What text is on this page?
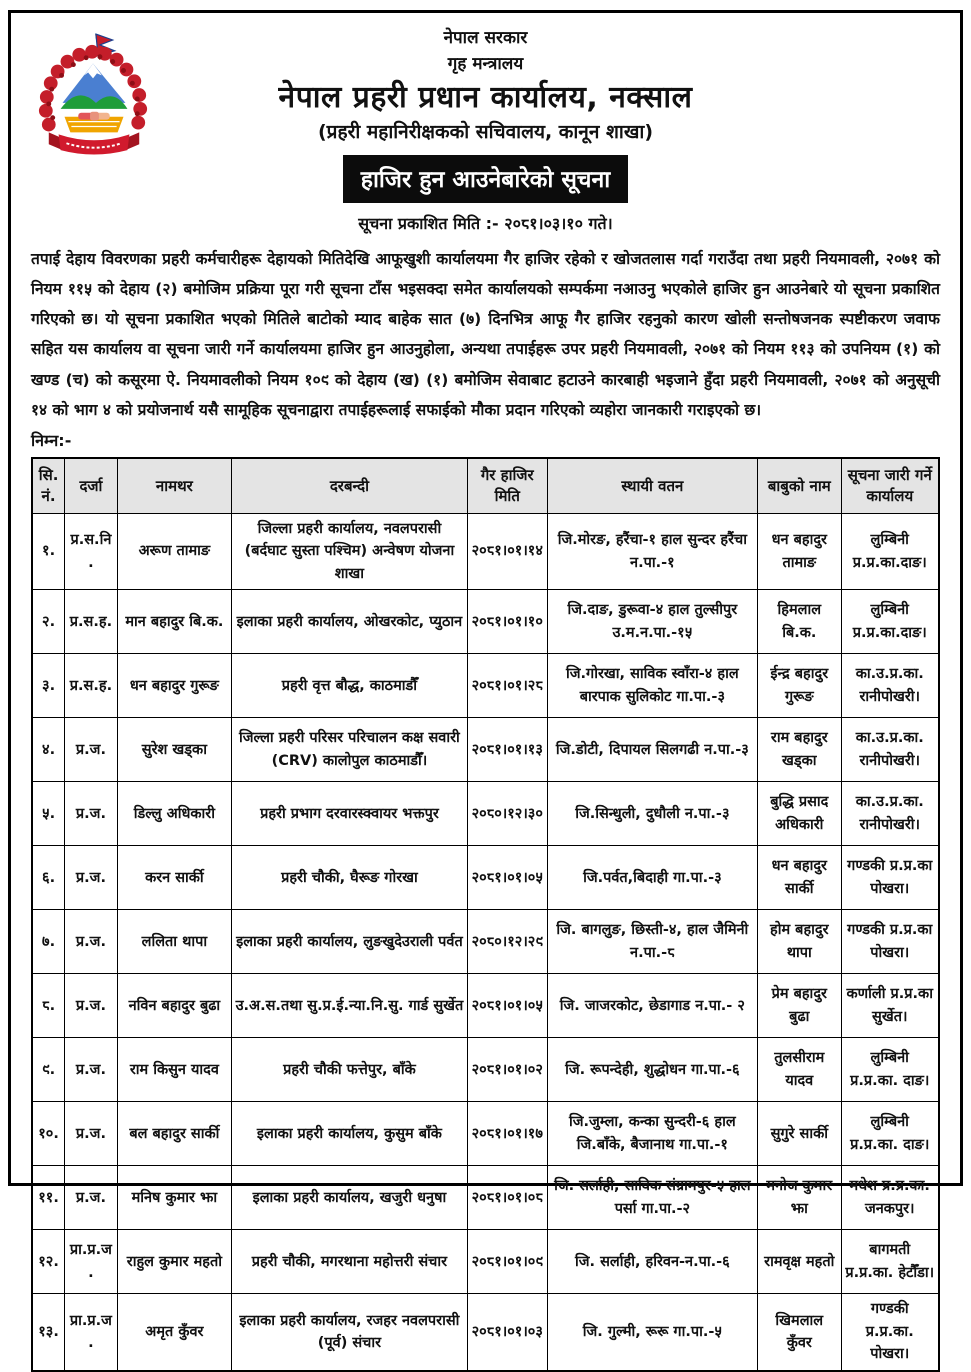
नेपाल सरकार
गृह मन्त्रालय
नेपाल प्रहरी प्रधान कार्यालय, नक्साल
(प्रहरी महानिरीक्षकको सचिवालय, कानून शाखा)
हाजिर हुन आउनेबारेको सूचना
सूचना प्रकाशित मिति :- २०८१।०३।१० गते।

तपाई देहाय विवरणका प्रहरी कर्मचारीहरू देहायको मितिदेखि आफूखुशी कार्यालयमा गैर हाजिर रहेको र खोजतलास गर्दा गराउँदा तथा प्रहरी नियमावली, २०७१ को नियम ११५ को देहाय (२) बमोजिम प्रक्रिया पूरा गरी सूचना टाँस भइसक्दा समेत कार्यालयको सम्पर्कमा नआउनु भएकोले हाजिर हुन आउनेबारे यो सूचना प्रकाशित गरिएको छ। यो सूचना प्रकाशित भएको मितिले बाटोको म्याद बाहेक सात (७) दिनभित्र आफू गैर हाजिर रहनुको कारण खोली सन्तोषजनक स्पष्टीकरण जवाफ सहित यस कार्यालय वा सूचना जारी गर्ने कार्यालयमा हाजिर हुन आउनुहोला, अन्यथा तपाईहरू उपर प्रहरी नियमावली, २०७१ को नियम ११३ को उपनियम (१) को खण्ड (च) को कसूरमा ऐ. नियमावलीको नियम १०९ को देहाय (ख) (१) बमोजिम सेवाबाट हटाउने कारबाही भइजाने हुँदा प्रहरी नियमावली, २०७१ को अनुसूची १४ को भाग ४ को प्रयोजनार्थ यसै सामूहिक सूचनाद्वारा तपाईहरूलाई सफाईको मौका प्रदान गरिएको व्यहोरा जानकारी गराइएको छ।

निम्न:-
सि. नं.	दर्जा	नामथर	दरबन्दी	गैर हाजिर मिति	स्थायी वतन	बाबुको नाम	सूचना जारी गर्ने कार्यालय
१.	प्र.स.नि.	अरूण तामाङ	जिल्ला प्रहरी कार्यालय, नवलपरासी (बर्दघाट सुस्ता पश्चिम) अन्वेषण योजना शाखा	२०८१।०१।१४	जि.मोरङ, हरैंचा-१ हाल सुन्दर हरैंचा न.पा.-१	धन बहादुर तामाङ	लुम्बिनी प्र.प्र.का.दाङ।
२.	प्र.स.ह.	मान बहादुर बि.क.	इलाका प्रहरी कार्यालय, ओखरकोट, प्युठान	२०८१।०१।१०	जि.दाङ, डुरूवा-४ हाल तुल्सीपुर उ.म.न.पा.-१५	हिमलाल बि.क.	लुम्बिनी प्र.प्र.का.दाङ।
३.	प्र.स.ह.	धन बहादुर गुरूङ	प्रहरी वृत्त बौद्ध, काठमाडौँ	२०८१।०१।२८	जि.गोरखा, साविक स्वाँरा-४ हाल बारपाक सुलिकोट गा.पा.-३	ईन्द्र बहादुर गुरूङ	का.उ.प्र.का. रानीपोखरी।
४.	प्र.ज.	सुरेश खड्का	जिल्ला प्रहरी परिसर परिचालन कक्ष सवारी (CRV) कालोपुल काठमाडौँ।	२०८१।०१।१३	जि.डोटी, दिपायल सिलगढी न.पा.-३	राम बहादुर खड्का	का.उ.प्र.का. रानीपोखरी।
५.	प्र.ज.	डिल्लु अधिकारी	प्रहरी प्रभाग दरवारस्क्वायर भक्तपुर	२०८०।१२।३०	जि.सिन्धुली, दुधौली न.पा.-३	बुद्धि प्रसाद अधिकारी	का.उ.प्र.का. रानीपोखरी।
६.	प्र.ज.	करन सार्की	प्रहरी चौकी, घैरूङ गोरखा	२०८१।०१।०५	जि.पर्वत,बिदाही गा.पा.-३	धन बहादुर सार्की	गण्डकी प्र.प्र.का पोखरा।
७.	प्र.ज.	ललिता थापा	इलाका प्रहरी कार्यालय, लुङखुदेउराली पर्वत	२०८०।१२।२९	जि. बागलुङ, छिस्ती-४, हाल जैमिनी न.पा.-८	होम बहादुर थापा	गण्डकी प्र.प्र.का पोखरा।
८.	प्र.ज.	नविन बहादुर बुढा	उ.अ.स.तथा सु.प्र.ई.न्या.नि.सु. गार्ड सुर्खेत	२०८१।०१।०५	जि. जाजरकोट, छेडागाड न.पा.- २	प्रेम बहादुर बुढा	कर्णाली प्र.प्र.का सुर्खेत।
९.	प्र.ज.	राम किसुन यादव	प्रहरी चौकी फत्तेपुर, बाँके	२०८१।०१।०२	जि. रूपन्देही, शुद्धोधन गा.पा.-६	तुलसीराम यादव	लुम्बिनी प्र.प्र.का. दाङ।
१०.	प्र.ज.	बल बहादुर सार्की	इलाका प्रहरी कार्यालय, कुसुम बाँके	२०८१।०१।१७	जि.जुम्ला, कन्का सुन्दरी-६ हाल जि.बाँके, बैजानाथ गा.पा.-१	सुगुरे सार्की	लुम्बिनी प्र.प्र.का. दाङ।
११.	प्र.ज.	मनिष कुमार झा	इलाका प्रहरी कार्यालय, खजुरी धनुषा	२०८१।०१।०८	जि. सर्लाही, साविक संग्रामपुर-५ हाल पर्सा गा.पा.-२	मनोज कुमार झा	मधेश प्र.प्र.का. जनकपुर।
१२.	प्रा.प्र.ज.	राहुल कुमार महतो	प्रहरी चौकी, मगरथाना महोत्तरी संचार	२०८१।०१।०९	जि. सर्लाही, हरिवन-न.पा.-६	रामवृक्ष महतो	बागमती प्र.प्र.का. हेटौँडा।
१३.	प्रा.प्र.ज.	अमृत कुँवर	इलाका प्रहरी कार्यालय, रजहर नवलपरासी (पूर्व) संचार	२०८१।०१।०३	जि. गुल्मी, रूरू गा.पा.-५	खिमलाल कुँवर	गण्डकी प्र.प्र.का. पोखरा।
